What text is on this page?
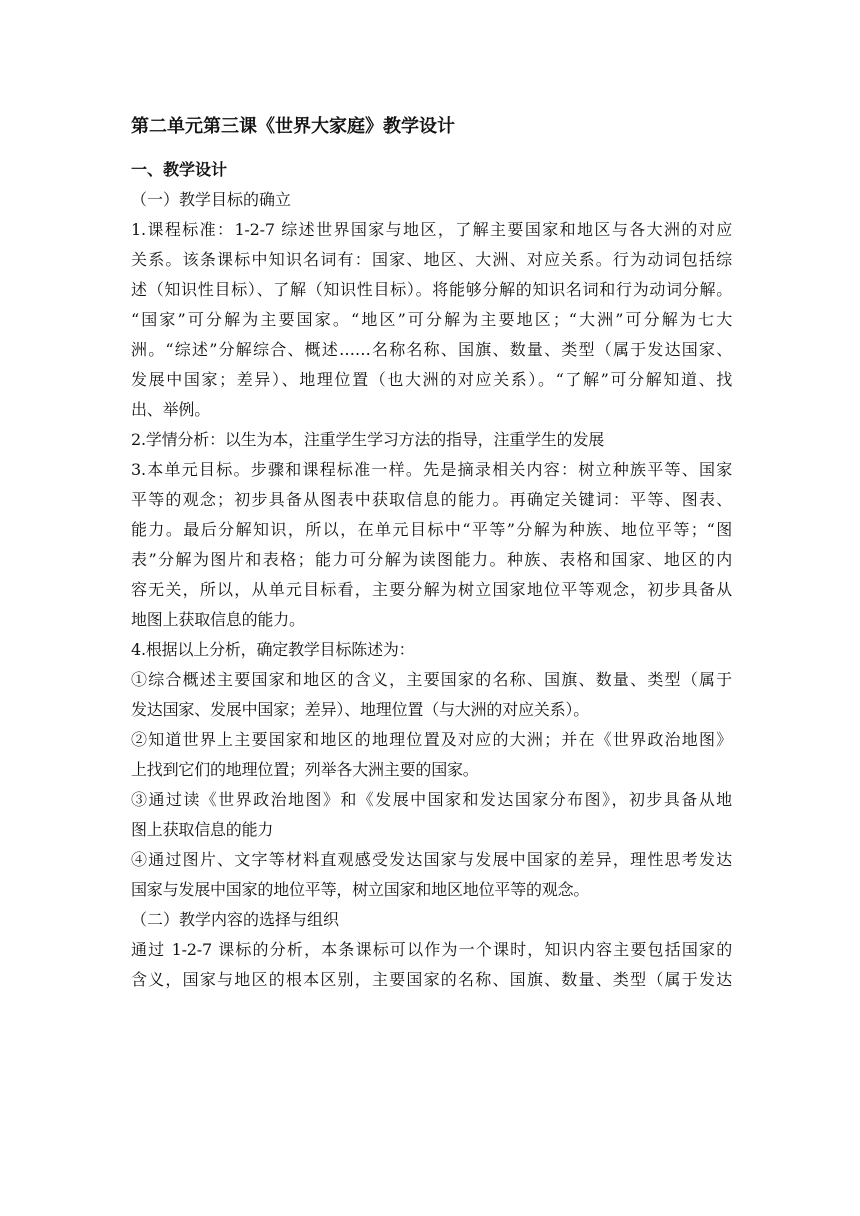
第二单元第三课《世界大家庭》教学设计
一、教学设计
（一）教学目标的确立

1.课程标准：1-2-7 综述世界国家与地区，了解主要国家和地区与各大洲的对应
关系。该条课标中知识名词有：国家、地区、大洲、对应关系。行为动词包括综
述（知识性目标）、了解（知识性目标）。将能够分解的知识名词和行为动词分解。
“国家”可分解为主要国家。“地区”可分解为主要地区；“大洲”可分解为七大
洲。“综述”分解综合、概述……名称名称、国旗、数量、类型（属于发达国家、
发展中国家；差异）、地理位置（也大洲的对应关系）。“了解”可分解知道、找
出、举例。

2.学情分析：以生为本，注重学生学习方法的指导，注重学生的发展

3.本单元目标。步骤和课程标准一样。先是摘录相关内容：树立种族平等、国家
平等的观念；初步具备从图表中获取信息的能力。再确定关键词：平等、图表、
能力。最后分解知识，所以，在单元目标中“平等”分解为种族、地位平等；“图
表”分解为图片和表格；能力可分解为读图能力。种族、表格和国家、地区的内
容无关，所以，从单元目标看，主要分解为树立国家地位平等观念，初步具备从
地图上获取信息的能力。

4.根据以上分析，确定教学目标陈述为：

①综合概述主要国家和地区的含义，主要国家的名称、国旗、数量、类型（属于
发达国家、发展中国家；差异）、地理位置（与大洲的对应关系）。

②知道世界上主要国家和地区的地理位置及对应的大洲；并在《世界政治地图》
上找到它们的地理位置；列举各大洲主要的国家。

③通过读《世界政治地图》和《发展中国家和发达国家分布图》，初步具备从地
图上获取信息的能力

④通过图片、文字等材料直观感受发达国家与发展中国家的差异，理性思考发达
国家与发展中国家的地位平等，树立国家和地区地位平等的观念。

（二）教学内容的选择与组织

通过 1-2-7 课标的分析，本条课标可以作为一个课时，知识内容主要包括国家的
含义，国家与地区的根本区别，主要国家的名称、国旗、数量、类型（属于发达
